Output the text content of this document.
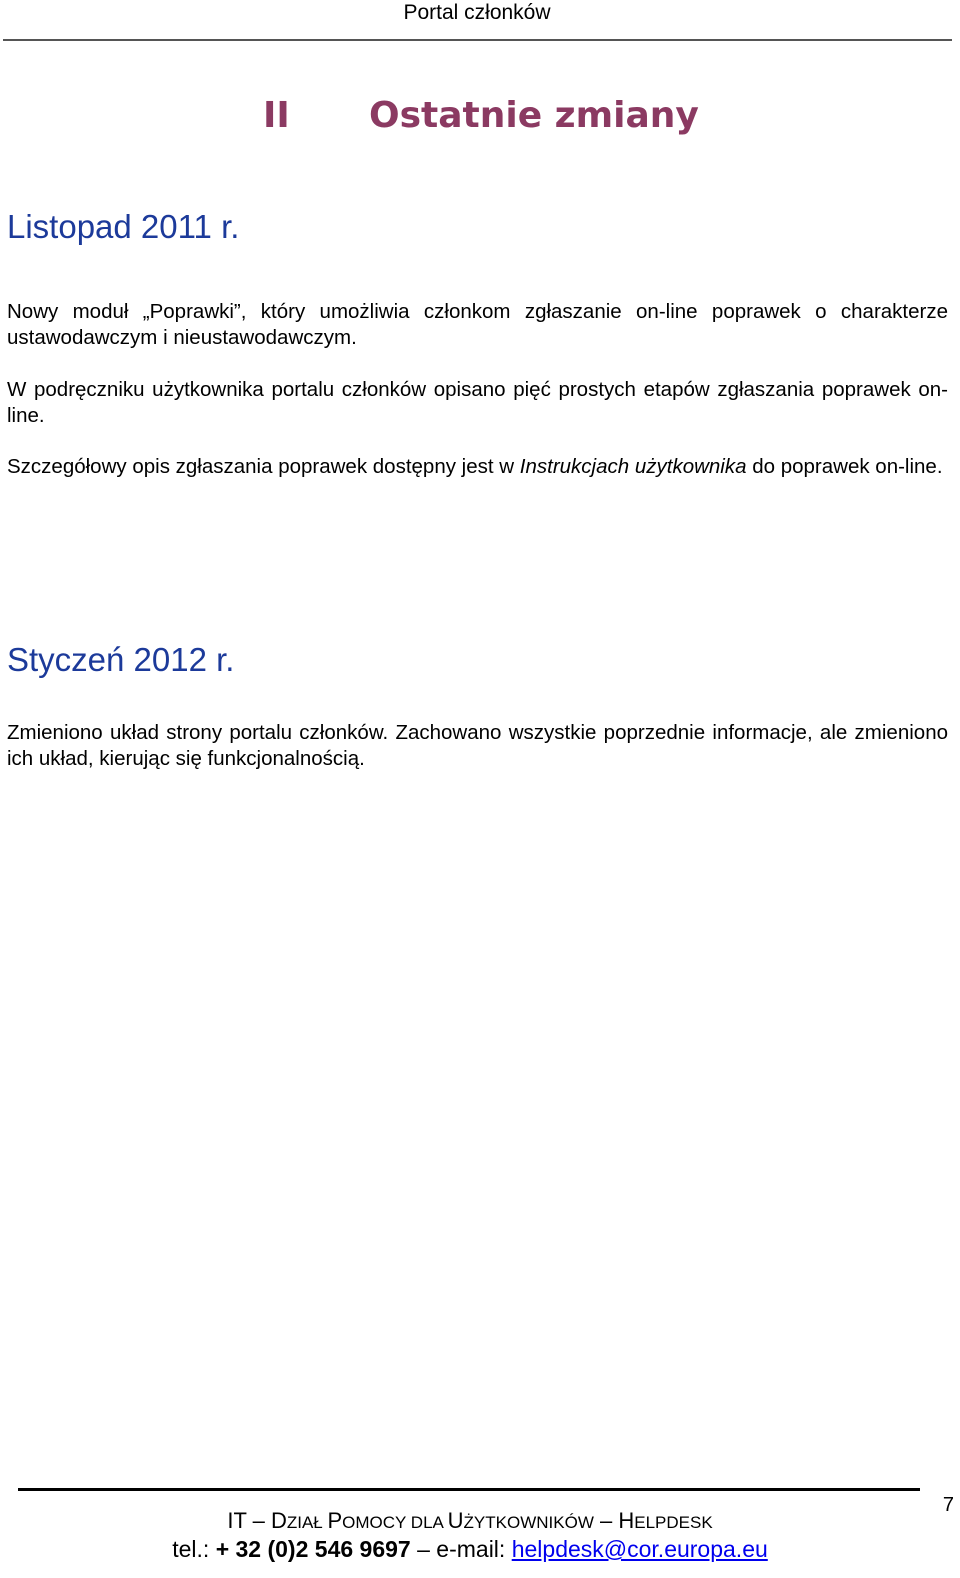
Portal członków
II Ostatnie zmiany
Listopad 2011 r.

Nowy moduł „Poprawki”, który umożliwia członkom zgłaszanie on-line poprawek o charakterze ustawodawczym i nieustawodawczym.

W podręczniku użytkownika portalu członków opisano pięć prostych etapów zgłaszania poprawek on-line.

Szczegółowy opis zgłaszania poprawek dostępny jest w Instrukcjach użytkownika do poprawek on-line.

Styczeń 2012 r.

Zmieniono układ strony portalu członków. Zachowano wszystkie poprzednie informacje, ale zmieniono ich układ, kierując się funkcjonalnością.

7
IT – DZIAŁ POMOCY DLA UŻYTKOWNIKÓW – HELPDESK
tel.: + 32 (0)2 546 9697 – e-mail: helpdesk@cor.europa.eu
